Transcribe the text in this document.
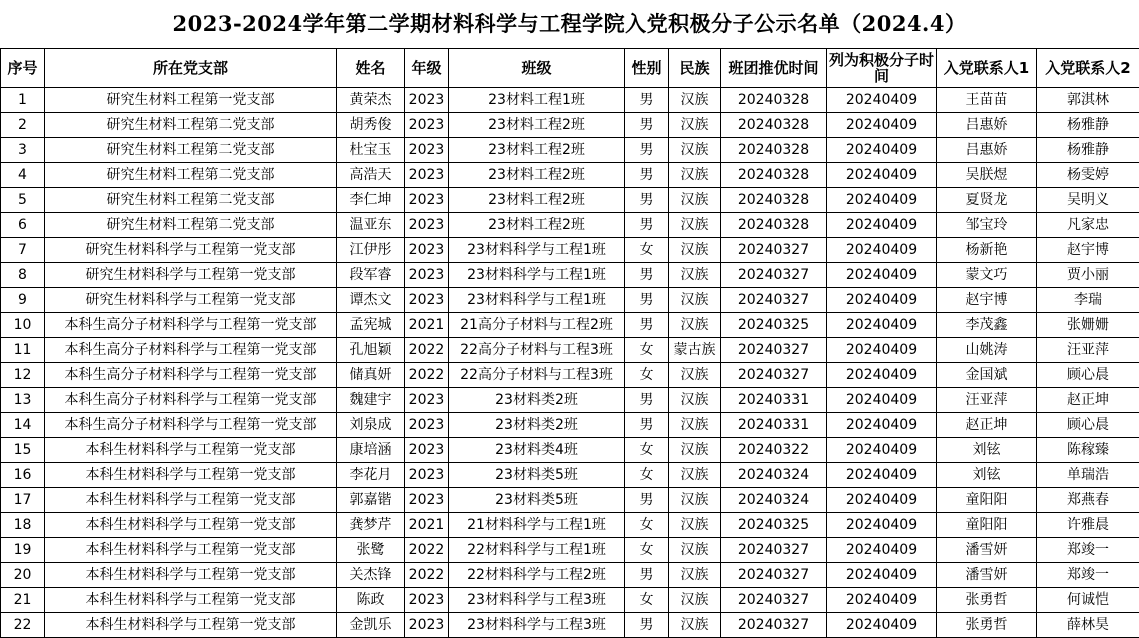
2023-2024学年第二学期材料科学与工程学院入党积极分子公示名单（2024.4）
序号	所在党支部	姓名	年级	班级	性别	民族	班团推优时间	列为积极分子时间	入党联系人1	入党联系人2
1	研究生材料工程第一党支部	黄荣杰	2023	23材料工程1班	男	汉族	20240328	20240409	王苗苗	郭淇林
2	研究生材料工程第二党支部	胡秀俊	2023	23材料工程2班	男	汉族	20240328	20240409	吕惠娇	杨雅静
3	研究生材料工程第二党支部	杜宝玉	2023	23材料工程2班	男	汉族	20240328	20240409	吕惠娇	杨雅静
4	研究生材料工程第二党支部	高浩天	2023	23材料工程2班	男	汉族	20240328	20240409	吴朕煜	杨雯婷
5	研究生材料工程第二党支部	李仁坤	2023	23材料工程2班	男	汉族	20240328	20240409	夏贤龙	吴明义
6	研究生材料工程第二党支部	温亚东	2023	23材料工程2班	男	汉族	20240328	20240409	邹宝玲	凡家忠
7	研究生材料科学与工程第一党支部	江伊彤	2023	23材料科学与工程1班	女	汉族	20240327	20240409	杨新艳	赵宇博
8	研究生材料科学与工程第一党支部	段军睿	2023	23材料科学与工程1班	男	汉族	20240327	20240409	蒙文巧	贾小丽
9	研究生材料科学与工程第一党支部	谭杰文	2023	23材料科学与工程1班	男	汉族	20240327	20240409	赵宇博	李瑞
10	本科生高分子材料科学与工程第一党支部	孟宪城	2021	21高分子材料与工程2班	男	汉族	20240325	20240409	李茂鑫	张姗姗
11	本科生高分子材料科学与工程第一党支部	孔旭颖	2022	22高分子材料与工程3班	女	蒙古族	20240327	20240409	山姚涛	汪亚萍
12	本科生高分子材料科学与工程第一党支部	储真妍	2022	22高分子材料与工程3班	女	汉族	20240327	20240409	金国斌	顾心晨
13	本科生高分子材料科学与工程第一党支部	魏建宇	2023	23材料类2班	男	汉族	20240331	20240409	汪亚萍	赵正坤
14	本科生高分子材料科学与工程第一党支部	刘泉成	2023	23材料类2班	男	汉族	20240331	20240409	赵正坤	顾心晨
15	本科生材料科学与工程第一党支部	康培涵	2023	23材料类4班	女	汉族	20240322	20240409	刘铉	陈稼臻
16	本科生材料科学与工程第一党支部	李花月	2023	23材料类5班	女	汉族	20240324	20240409	刘铉	单瑞浩
17	本科生材料科学与工程第一党支部	郭嘉锴	2023	23材料类5班	男	汉族	20240324	20240409	童阳阳	郑燕春
18	本科生材料科学与工程第一党支部	龚梦芹	2021	21材料科学与工程1班	女	汉族	20240325	20240409	童阳阳	许雅晨
19	本科生材料科学与工程第一党支部	张鹭	2022	22材料科学与工程1班	女	汉族	20240327	20240409	潘雪妍	郑竣一
20	本科生材料科学与工程第一党支部	关杰锋	2022	22材料科学与工程2班	男	汉族	20240327	20240409	潘雪妍	郑竣一
21	本科生材料科学与工程第一党支部	陈政	2023	23材料科学与工程3班	女	汉族	20240327	20240409	张勇哲	何诚恺
22	本科生材料科学与工程第一党支部	金凯乐	2023	23材料科学与工程3班	男	汉族	20240327	20240409	张勇哲	薛林昊
